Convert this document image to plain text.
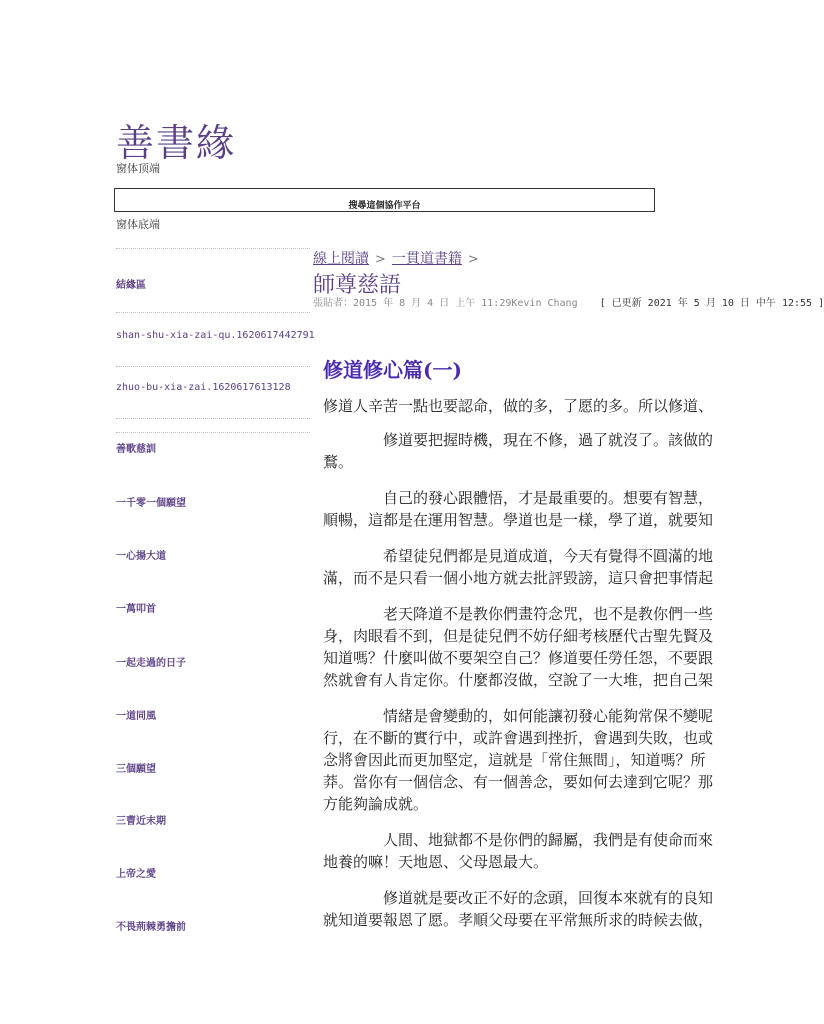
善書緣
窗体顶端
搜尋這個協作平台
窗体底端
結緣區
shan-shu-xia-zai-qu.1620617442791
zhuo-bu-xia-zai.1620617613128
善歌慈訓
一千零一個願望
一心揚大道
一萬叩首
一起走過的日子
一道同風
三個願望
三曹近末期
上帝之愛
不畏荊棘勇擔前
線上閱讀 > 一貫道書籍 >
師尊慈語
張貼者：2015 年 8 月 4 日 上午 11:29Kevin Chang [ 已更新 2021 年 5 月 10 日 中午 12:55 ]
修道修心篇(一)
修道人辛苦一點也要認命，做的多，了愿的多。所以修道、
修道要把握時機，現在不修，過了就沒了。該做的
鶩。
自己的發心跟體悟，才是最重要的。想要有智慧，
順暢，這都是在運用智慧。學道也是一樣，學了道，就要知
希望徒兒們都是見道成道，今天有覺得不圓滿的地
滿，而不是只看一個小地方就去批評毀謗，這只會把事情起
老天降道不是教你們畫符念咒，也不是教你們一些
身，肉眼看不到，但是徒兒們不妨仔細考核歷代古聖先賢及
知道嗎？什麼叫做不要架空自己？修道要任勞任怨，不要跟
然就會有人肯定你。什麼都沒做，空說了一大堆，把自己架
情緒是會變動的，如何能讓初發心能夠常保不變呢
行，在不斷的實行中，或許會遇到挫折，會遇到失敗，也或
念將會因此而更加堅定，這就是「常住無間」，知道嗎？所
莽。當你有一個信念、有一個善念，要如何去達到它呢？那
方能夠論成就。
人間、地獄都不是你們的歸屬，我們是有使命而來
地養的嘛！天地恩、父母恩最大。
修道就是要改正不好的念頭，回復本來就有的良知
就知道要報恩了愿。孝順父母要在平常無所求的時候去做，
